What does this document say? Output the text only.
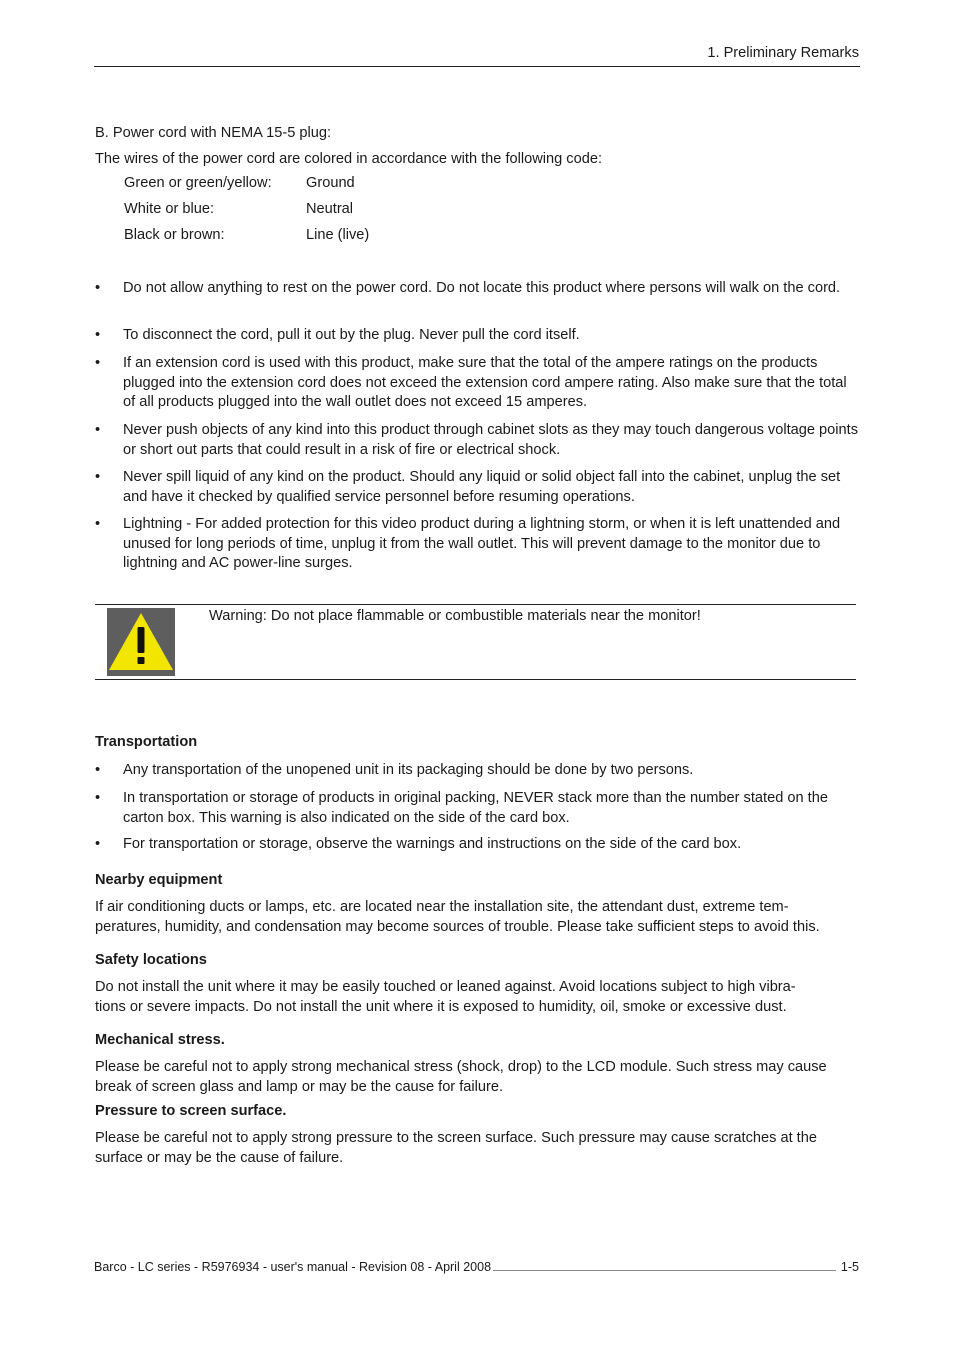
1. Preliminary Remarks
B. Power cord with NEMA 15-5 plug:
The wires of the power cord are colored in accordance with the following code:
Green or green/yellow: Ground
White or blue:	Neutral
Black or brown:	Line (live)
• Do not allow anything to rest on the power cord. Do not locate this product where persons will walk on the cord.
• To disconnect the cord, pull it out by the plug. Never pull the cord itself.
• If an extension cord is used with this product, make sure that the total of the ampere ratings on the products plugged into the extension cord does not exceed the extension cord ampere rating. Also make sure that the total of all products plugged into the wall outlet does not exceed 15 amperes.
• Never push objects of any kind into this product through cabinet slots as they may touch dangerous voltage points or short out parts that could result in a risk of fire or electrical shock.
• Never spill liquid of any kind on the product. Should any liquid or solid object fall into the cabinet, unplug the set and have it checked by qualified service personnel before resuming operations.
• Lightning - For added protection for this video product during a lightning storm, or when it is left unattended and unused for long periods of time, unplug it from the wall outlet. This will prevent damage to the monitor due to lightning and AC power-line surges.
Warning: Do not place flammable or combustible materials near the monitor!
Transportation
• Any transportation of the unopened unit in its packaging should be done by two persons.
• In transportation or storage of products in original packing, NEVER stack more than the number stated on the carton box. This warning is also indicated on the side of the card box.
• For transportation or storage, observe the warnings and instructions on the side of the card box.
Nearby equipment
If air conditioning ducts or lamps, etc. are located near the installation site, the attendant dust, extreme tem-
peratures, humidity, and condensation may become sources of trouble. Please take sufficient steps to avoid this.
Safety locations
Do not install the unit where it may be easily touched or leaned against. Avoid locations subject to high vibra-
tions or severe impacts. Do not install the unit where it is exposed to humidity, oil, smoke or excessive dust.
Mechanical stress.
Please be careful not to apply strong mechanical stress (shock, drop) to the LCD module. Such stress may cause break of screen glass and lamp or may be the cause for failure.
Pressure to screen surface.
Please be careful not to apply strong pressure to the screen surface. Such pressure may cause scratches at the surface or may be the cause of failure.
Barco - LC series - R5976934 - user's manual - Revision 08 - April 2008	1-5
